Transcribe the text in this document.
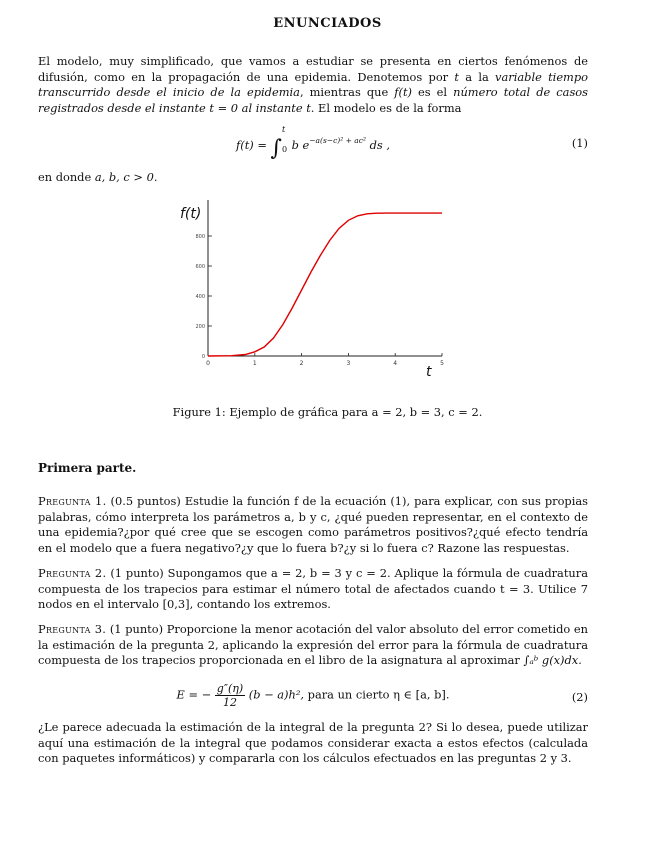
ENUNCIADOS
El modelo, muy simplificado, que vamos a estudiar se presenta en ciertos fenómenos de difusión, como en la propagación de una epidemia. Denotemos por t a la variable tiempo transcurrido desde el inicio de la epidemia, mientras que f(t) es el número total de casos registrados desde el instante t = 0 al instante t. El modelo es de la forma
f(t) = ∫
t
0 b $e^{-a(s-c)^2 + ac^2}$ ds ,	(1)
en donde a, b, c > 0.
0	1	2	3	4	5
0
200
400
600
800
f(t)
t
Figure 1: Ejemplo de gráfica para a = 2, b = 3, c = 2.
Primera parte.
Pregunta 1. (0.5 puntos) Estudie la función f de la ecuación (1), para explicar, con sus propias palabras, cómo interpreta los parámetros a, b y c, ¿qué pueden representar, en el contexto de una epidemia?¿por qué cree que se escogen como parámetros positivos?¿qué efecto tendría en el modelo que a fuera negativo?¿y que lo fuera b?¿y si lo fuera c? Razone las respuestas.
Pregunta 2. (1 punto) Supongamos que a = 2, b = 3 y c = 2. Aplique la fórmula de cuadratura compuesta de los trapecios para estimar el número total de afectados cuando t = 3. Utilice 7 nodos en el intervalo [0,3], contando los extremos.
Pregunta 3. (1 punto) Proporcione la menor acotación del valor absoluto del error cometido en la estimación de la pregunta 2, aplicando la expresión del error para la fórmula de cuadratura compuesta de los trapecios proporcionada en el libro de la asignatura al aproximar ∫ₐᵇ g(x)dx.
E = − $\frac{g''(\eta)}{12} (b - a)h^2$, para un cierto η ∈ [a, b].	(2)
¿Le parece adecuada la estimación de la integral de la pregunta 2? Si lo desea, puede utilizar aquí una estimación de la integral que podamos considerar exacta a estos efectos (calculada con paquetes informáticos) y compararla con los cálculos efectuados en las preguntas 2 y 3.
